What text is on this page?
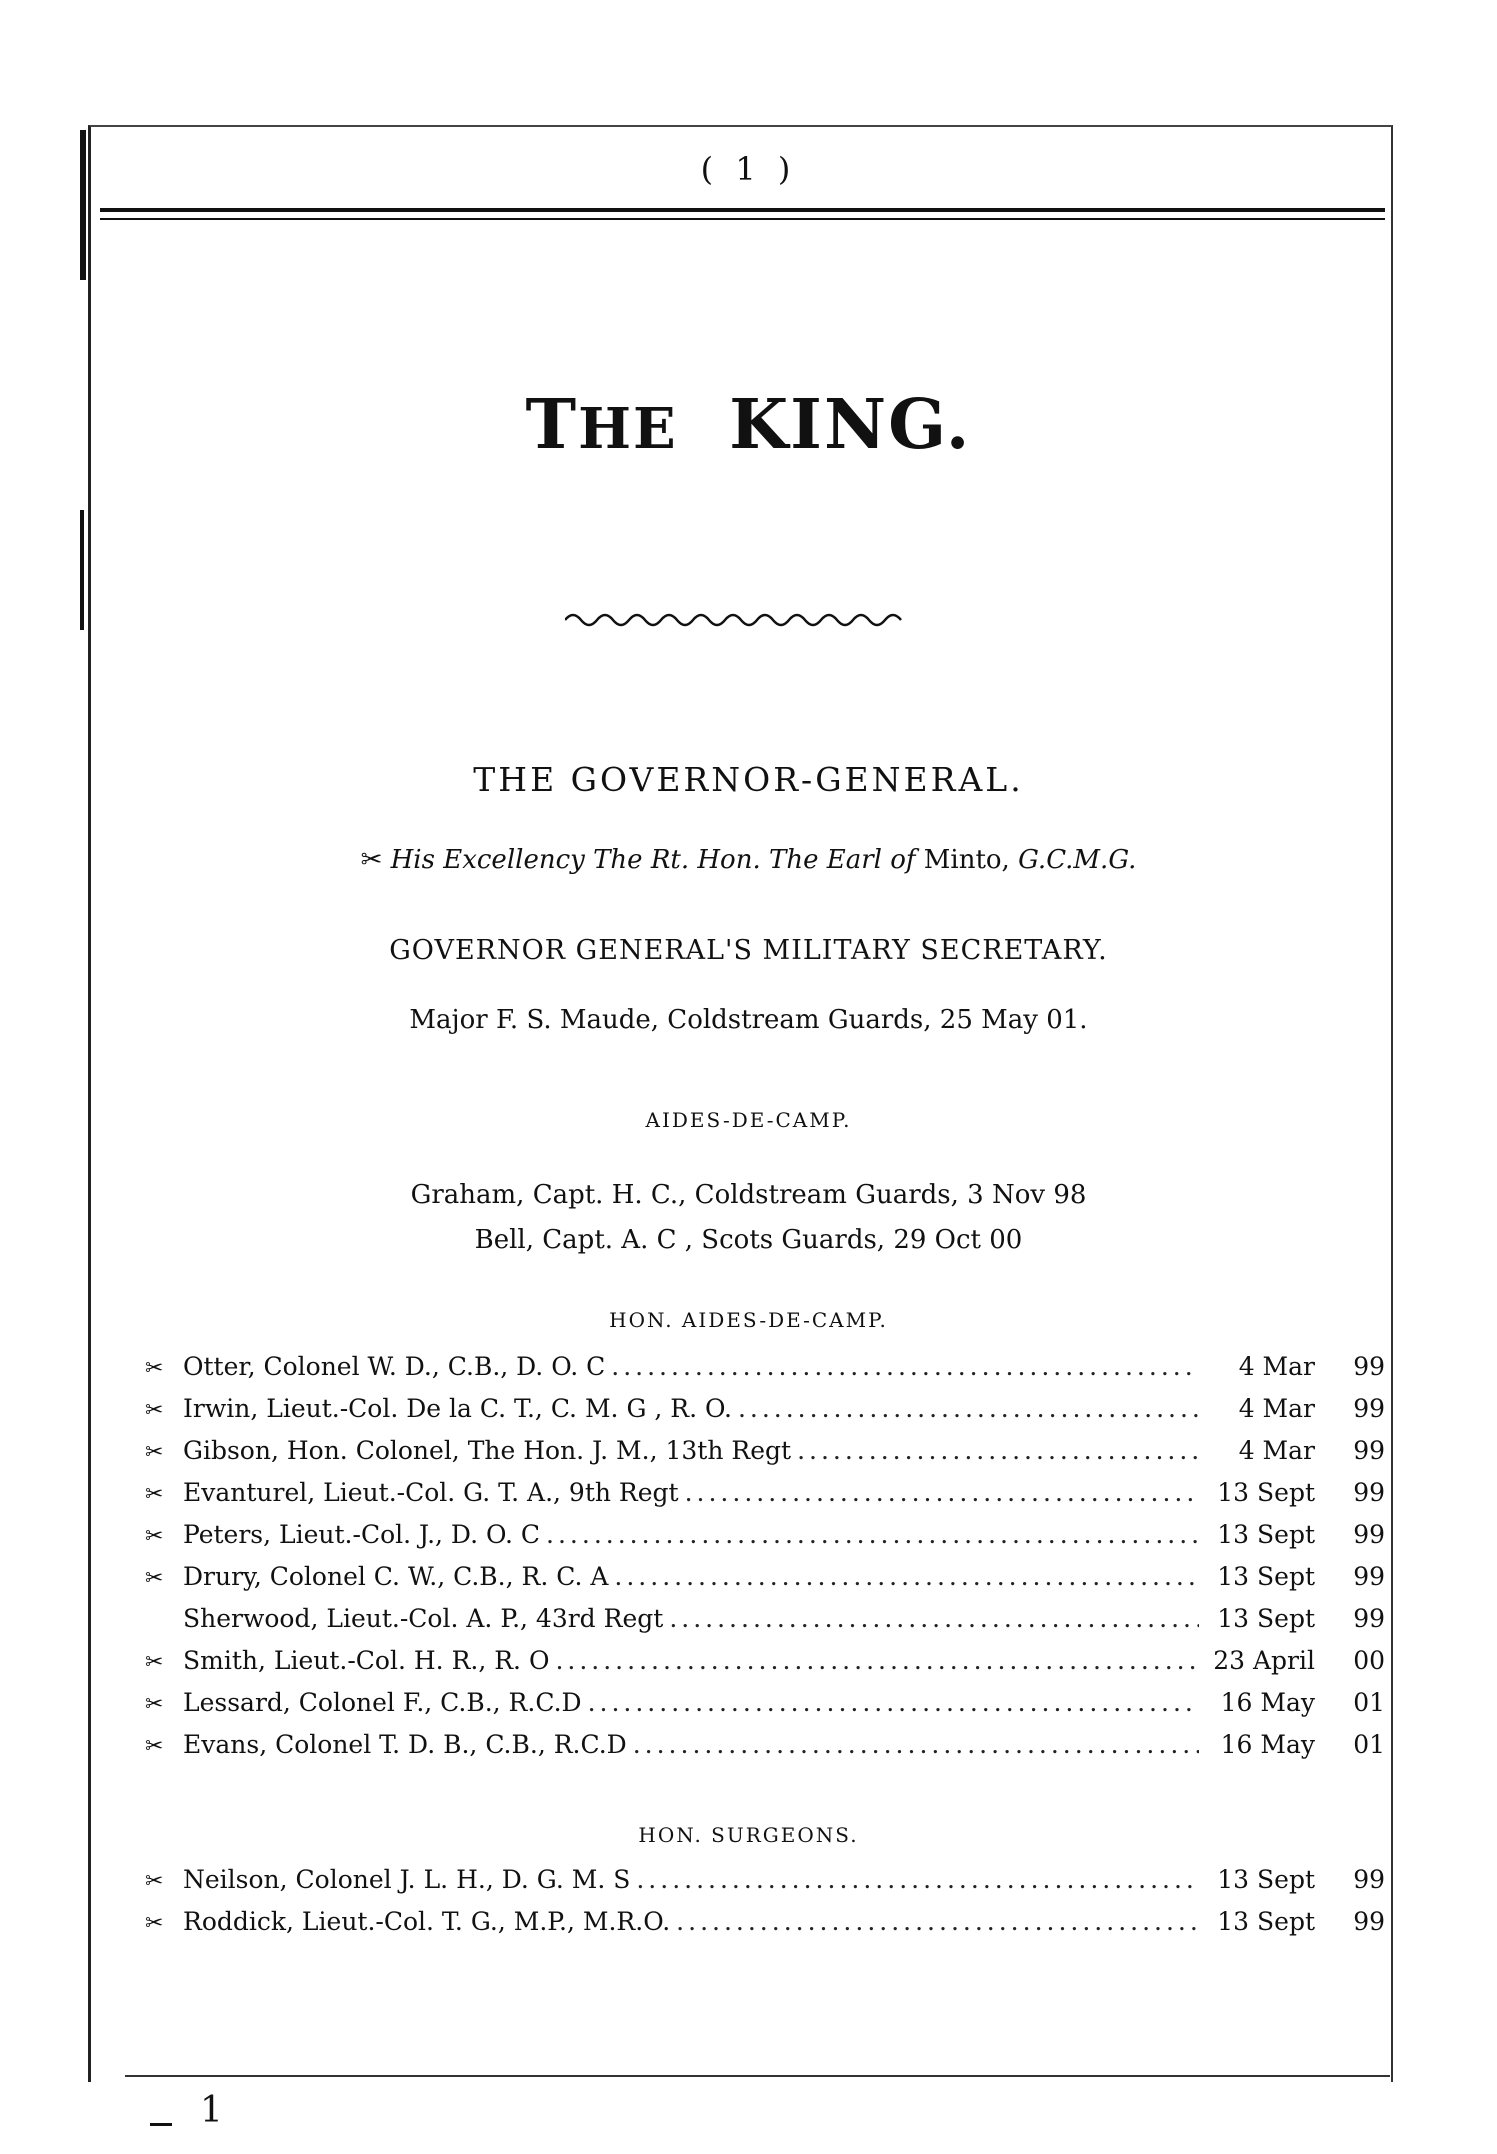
( 1 )
THE KING.
THE GOVERNOR-GENERAL.
✂ His Excellency The Rt. Hon. The Earl of Minto, G.C.M.G.
GOVERNOR GENERAL'S MILITARY SECRETARY.
Major F. S. Maude, Coldstream Guards, 25 May 01.
AIDES-DE-CAMP.
Graham, Capt. H. C., Coldstream Guards, 3 Nov 98
Bell, Capt. A. C , Scots Guards, 29 Oct 00
HON. AIDES-DE-CAMP.
✂ Otter, Colonel W. D., C.B., D. O. C .....	4 Mar	99
✂ Irwin, Lieut.-Col. De la C. T., C. M. G , R. O. .....	4 Mar	99
✂ Gibson, Hon. Colonel, The Hon. J. M., 13th Regt .....	4 Mar	99
✂ Evanturel, Lieut.-Col. G. T. A., 9th Regt .....	13 Sept	99
✂ Peters, Lieut.-Col. J., D. O. C .....	13 Sept	99
✂ Drury, Colonel C. W., C.B., R. C. A .....	13 Sept	99
Sherwood, Lieut.-Col. A. P., 43rd Regt .....	13 Sept	99
✂ Smith, Lieut.-Col. H. R., R. O .....	23 April	00
✂ Lessard, Colonel F., C.B., R.C.D .....	16 May	01
✂ Evans, Colonel T. D. B., C.B., R.C.D .....	16 May	01
HON. SURGEONS.
✂ Neilson, Colonel J. L. H., D. G. M. S .....	13 Sept	99
✂ Roddick, Lieut.-Col. T. G., M.P., M.R.O. .....	13 Sept	99
1
